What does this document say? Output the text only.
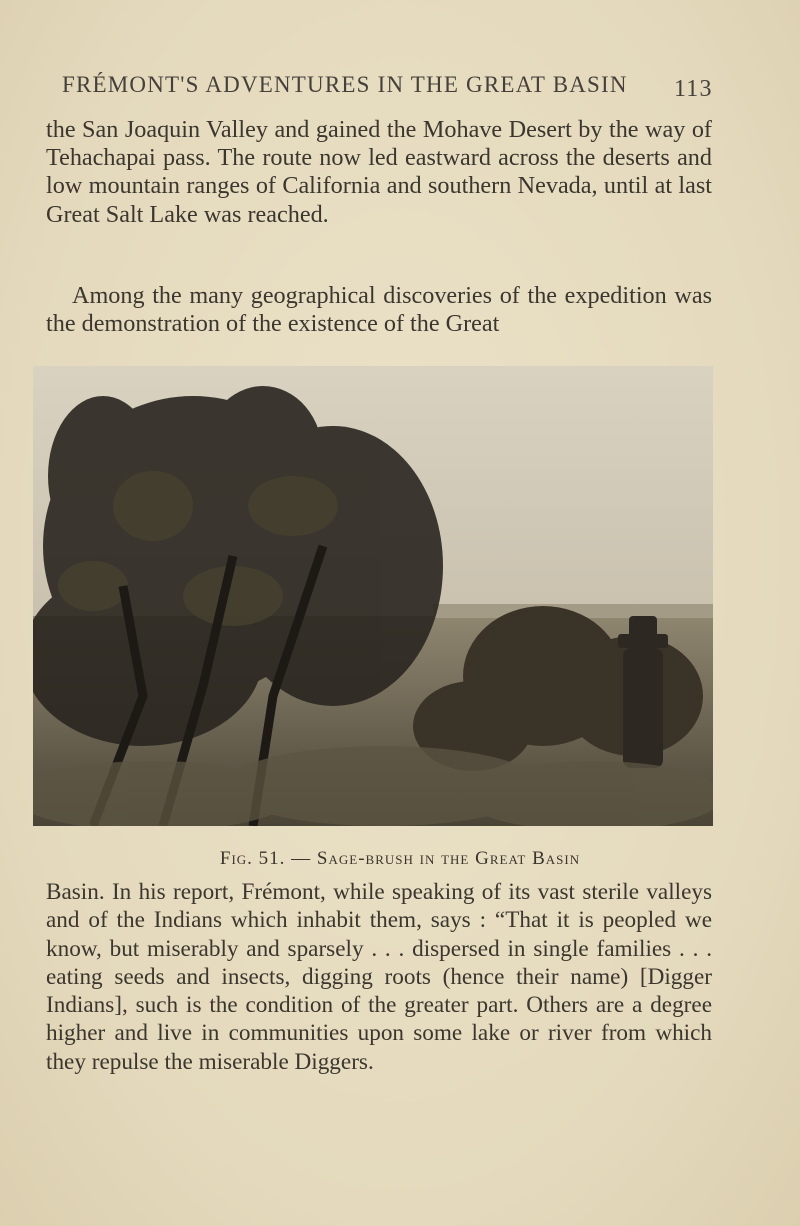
FRÉMONT'S ADVENTURES IN THE GREAT BASIN 113

the San Joaquin Valley and gained the Mohave Desert by the way of Tehachapai pass. The route now led eastward across the deserts and low mountain ranges of California and southern Nevada, until at last Great Salt Lake was reached.

Among the many geographical discoveries of the expedition was the demonstration of the existence of the Great

Fig. 51. — Sage-brush in the Great Basin

Basin. In his report, Frémont, while speaking of its vast sterile valleys and of the Indians which inhabit them, says : “That it is peopled we know, but miserably and sparsely . . . dispersed in single families . . . eating seeds and insects, digging roots (hence their name) [Digger Indians], such is the condition of the greater part. Others are a degree higher and live in communities upon some lake or river from which they repulse the miserable Diggers.
